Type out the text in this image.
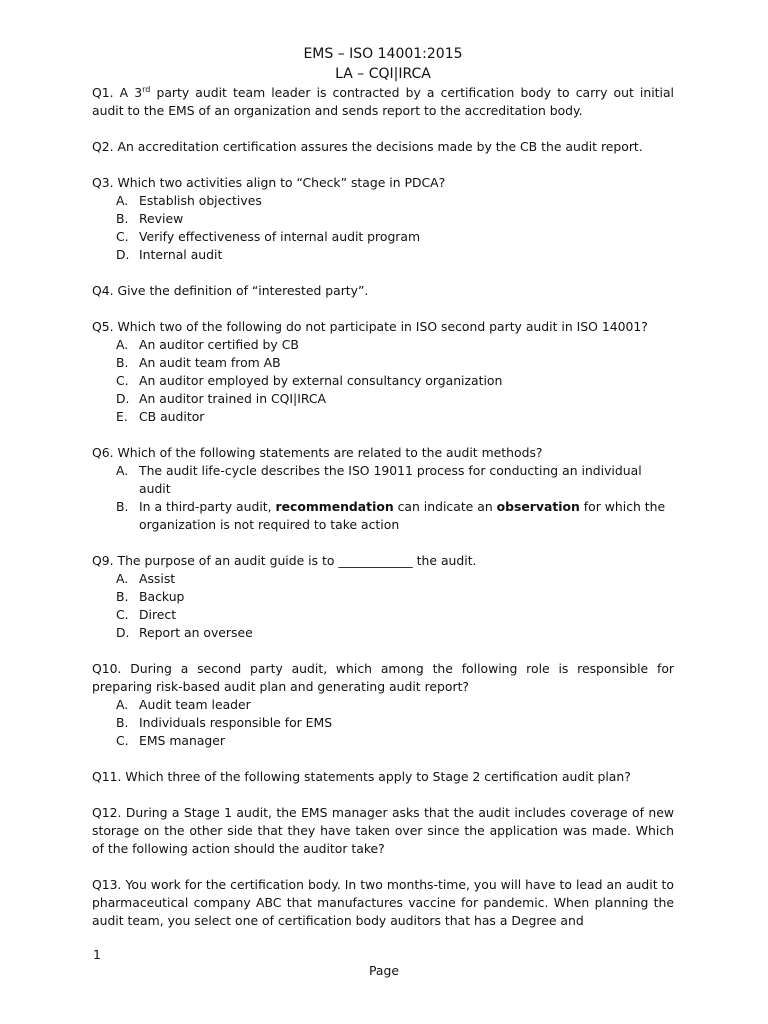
EMS – ISO 14001:2015

LA – CQI|IRCA

Q1. A 3rd party audit team leader is contracted by a certification body to carry out initial audit to the EMS of an organization and sends report to the accreditation body.

Q2. An accreditation certification assures the decisions made by the CB the audit report.

Q3. Which two activities align to “Check” stage in PDCA?

A. Establish objectives
B. Review
C. Verify effectiveness of internal audit program
D. Internal audit

Q4. Give the definition of “interested party”.

Q5. Which two of the following do not participate in ISO second party audit in ISO 14001?

A. An auditor certified by CB
B. An audit team from AB
C. An auditor employed by external consultancy organization
D. An auditor trained in CQI|IRCA
E. CB auditor

Q6. Which of the following statements are related to the audit methods?

A. The audit life-cycle describes the ISO 19011 process for conducting an individual audit
B. In a third-party audit, recommendation can indicate an observation for which the organization is not required to take action

Q9. The purpose of an audit guide is to ____________ the audit.

A. Assist
B. Backup
C. Direct
D. Report an oversee

Q10. During a second party audit, which among the following role is responsible for preparing risk-based audit plan and generating audit report?

A. Audit team leader
B. Individuals responsible for EMS
C. EMS manager

Q11. Which three of the following statements apply to Stage 2 certification audit plan?

Q12. During a Stage 1 audit, the EMS manager asks that the audit includes coverage of new storage on the other side that they have taken over since the application was made. Which of the following action should the auditor take?

Q13. You work for the certification body. In two months-time, you will have to lead an audit to pharmaceutical company ABC that manufactures vaccine for pandemic. When planning the audit team, you select one of certification body auditors that has a Degree and

1
Page
